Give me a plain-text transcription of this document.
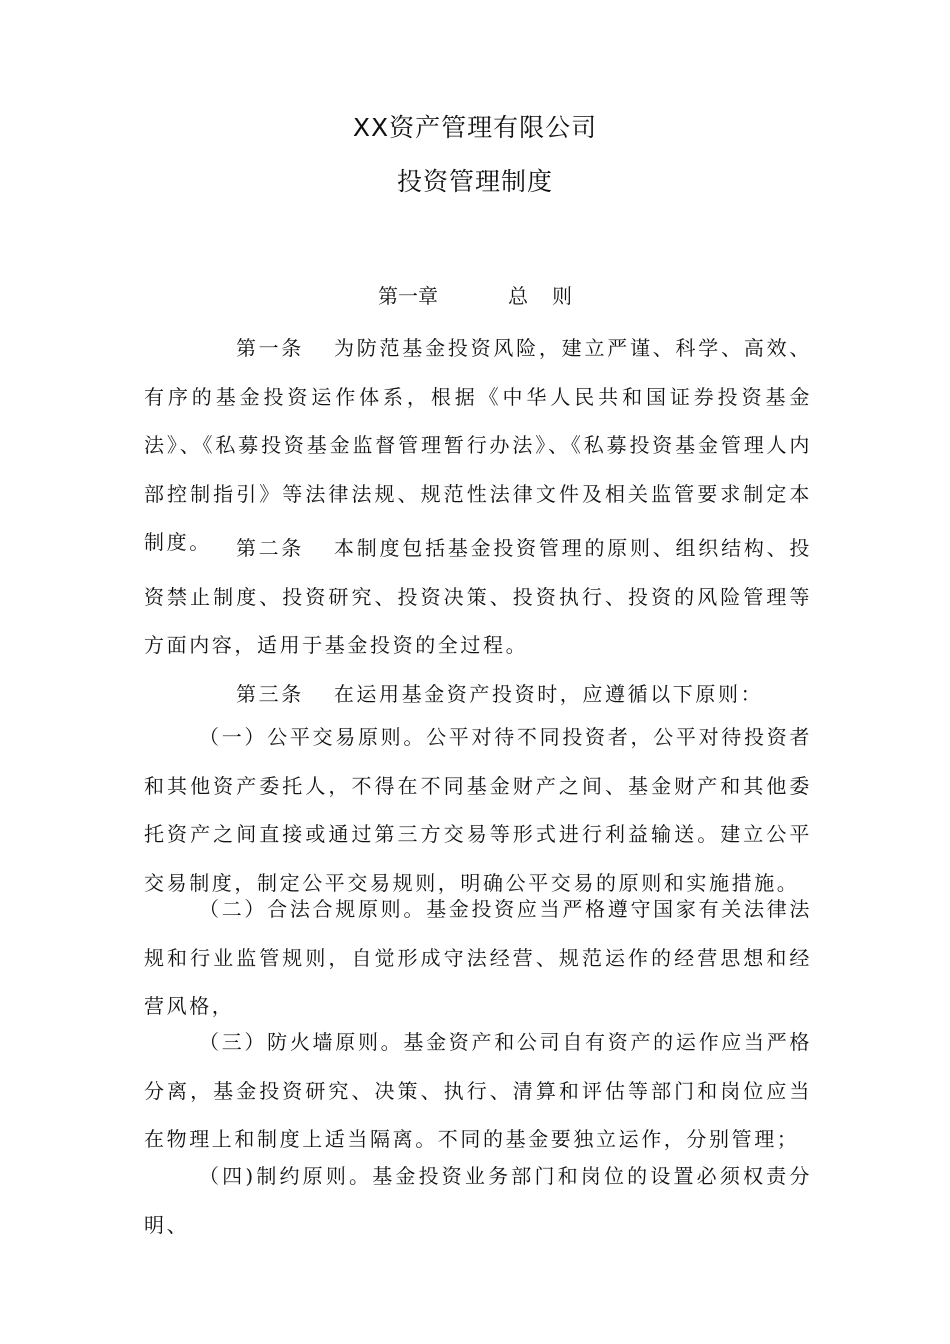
XX资产管理有限公司
投资管理制度
第一章	总 则

第一条 为防范基金投资风险，建立严谨、科学、高效、有序的基金投资运作体系，根据《中华人民共和国证券投资基金法》、《私募投资基金监督管理暂行办法》、《私募投资基金管理人内部控制指引》等法律法规、规范性法律文件及相关监管要求制定本制度。	第二条 本制度包括基金投资管理的原则、组织结构、投资禁止制度、投资研究、投资决策、投资执行、投资的风险管理等方面内容，适用于基金投资的全过程。

第三条 在运用基金资产投资时，应遵循以下原则：

（一）公平交易原则。公平对待不同投资者，公平对待投资者和其他资产委托人，不得在不同基金财产之间、基金财产和其他委托资产之间直接或通过第三方交易等形式进行利益输送。建立公平交易制度，制定公平交易规则，明确公平交易的原则和实施措施。

（二）合法合规原则。基金投资应当严格遵守国家有关法律法规和行业监管规则，自觉形成守法经营、规范运作的经营思想和经营风格，

（三）防火墙原则。基金资产和公司自有资产的运作应当严格分离，基金投资研究、决策、执行、清算和评估等部门和岗位应当在物理上和制度上适当隔离。不同的基金要独立运作，分别管理；

（四)制约原则。基金投资业务部门和岗位的设置必须权责分明、
